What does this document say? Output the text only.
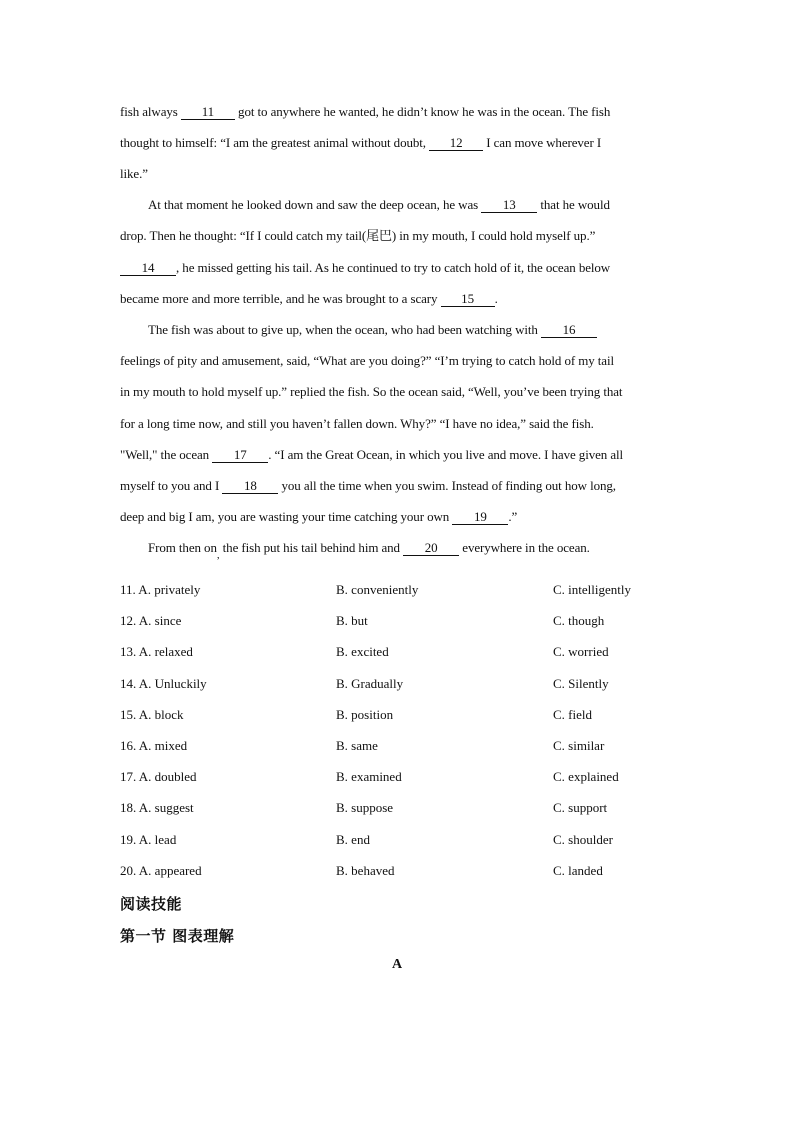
fish always 11 got to anywhere he wanted, he didn’t know he was in the ocean. The fish
thought to himself: “I am the greatest animal without doubt, 12 I can move wherever I
like.”
At that moment he looked down and saw the deep ocean, he was 13 that he would
drop. Then he thought: “If I could catch my tail(尾巴) in my mouth, I could hold myself up.”
14 , he missed getting his tail. As he continued to try to catch hold of it, the ocean below
became more and more terrible, and he was brought to a scary 15 .
The fish was about to give up, when the ocean, who had been watching with 16
feelings of pity and amusement, said, “What are you doing?” “I’m trying to catch hold of my tail
in my mouth to hold myself up.” replied the fish. So the ocean said, “Well, you’ve been trying that
for a long time now, and still you haven’t fallen down. Why?” “I have no idea,” said the fish.
"Well," the ocean 17 . “I am the Great Ocean, in which you live and move. I have given all
myself to you and I 18 you all the time when you swim. Instead of finding out how long,
deep and big I am, you are wasting your time catching your own 19 .”
From then $on_,$ the fish put his tail behind him and 20 everywhere in the ocean.
11. A. privately	B. conveniently	C. intelligently
12. A. since	B. but	C. though
13. A. relaxed	B. excited	C. worried
14. A. Unluckily	B. Gradually	C. Silently
15. A. block	B. position	C. field
16. A. mixed	B. same	C. similar
17. A. doubled	B. examined	C. explained
18. A. suggest	B. suppose	C. support
19. A. lead	B. end	C. shoulder
20. A. appeared	B. behaved	C. landed
阅读技能
第一节 图表理解
A
